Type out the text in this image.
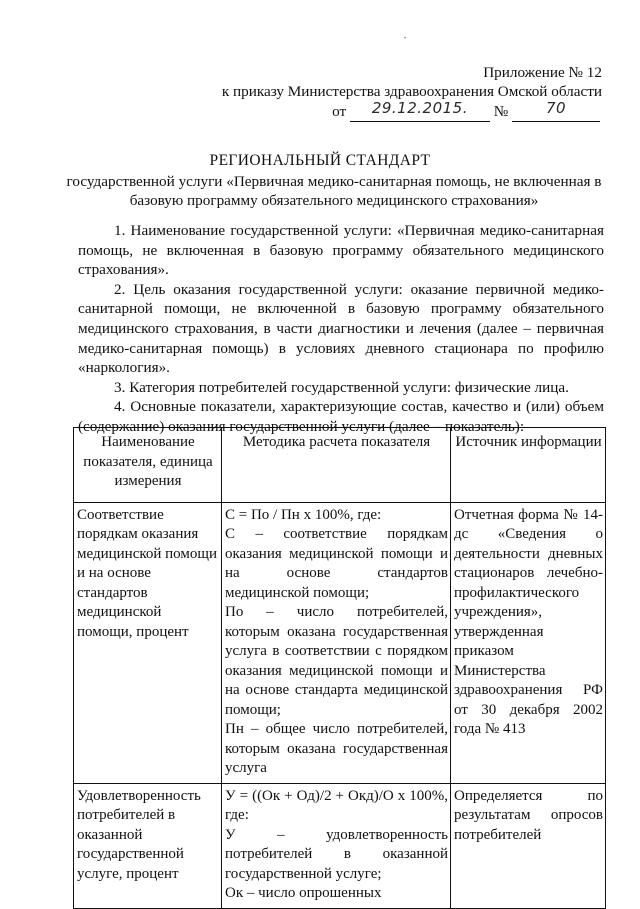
Приложение № 12
к приказу Министерства здравоохранения Омской области
от 29.12.2015. №	70
РЕГИОНАЛЬНЫЙ СТАНДАРТ
государственной услуги «Первичная медико-санитарная помощь, не включенная в базовую программу обязательного медицинского страхования»

1. Наименование государственной услуги: «Первичная медико-санитарная помощь, не включенная в базовую программу обязательного медицинского страхования».

2. Цель оказания государственной услуги: оказание первичной медико-санитарной помощи, не включенной в базовую программу обязательного медицинского страхования, в части диагностики и лечения (далее – первичная медико-санитарная помощь) в условиях дневного стационара по профилю «наркология».

3. Категория потребителей государственной услуги: физические лица.

4. Основные показатели, характеризующие состав, качество и (или) объем (содержание) оказания государственной услуги (далее – показатель):

Наименование показателя, единица измерения	Методика расчета показателя	Источник информации
Соответствие порядкам оказания медицинской помощи и на основе стандартов медицинской помощи, процент	С = По / Пн х 100%, где:
С – соответствие порядкам оказания медицинской помощи и на основе стандартов медицинской помощи;
По – число потребителей, которым оказана государственная услуга в соответствии с порядком оказания медицинской помощи и на основе стандарта медицинской помощи;
Пн – общее число потребителей, которым оказана государственная услуга	Отчетная форма № 14-дс «Сведения о деятельности дневных стационаров лечебно-профилактического учреждения», утвержденная приказом Министерства здравоохранения РФ от 30 декабря 2002 года № 413
Удовлетворенность потребителей в оказанной государственной услуге, процент	У = ((Ок + Од)/2 + Окд)/О х 100%, где:
У – удовлетворенность потребителей в оказанной государственной услуге;
Ок – число опрошенных	Определяется по результатам опросов потребителей
•
